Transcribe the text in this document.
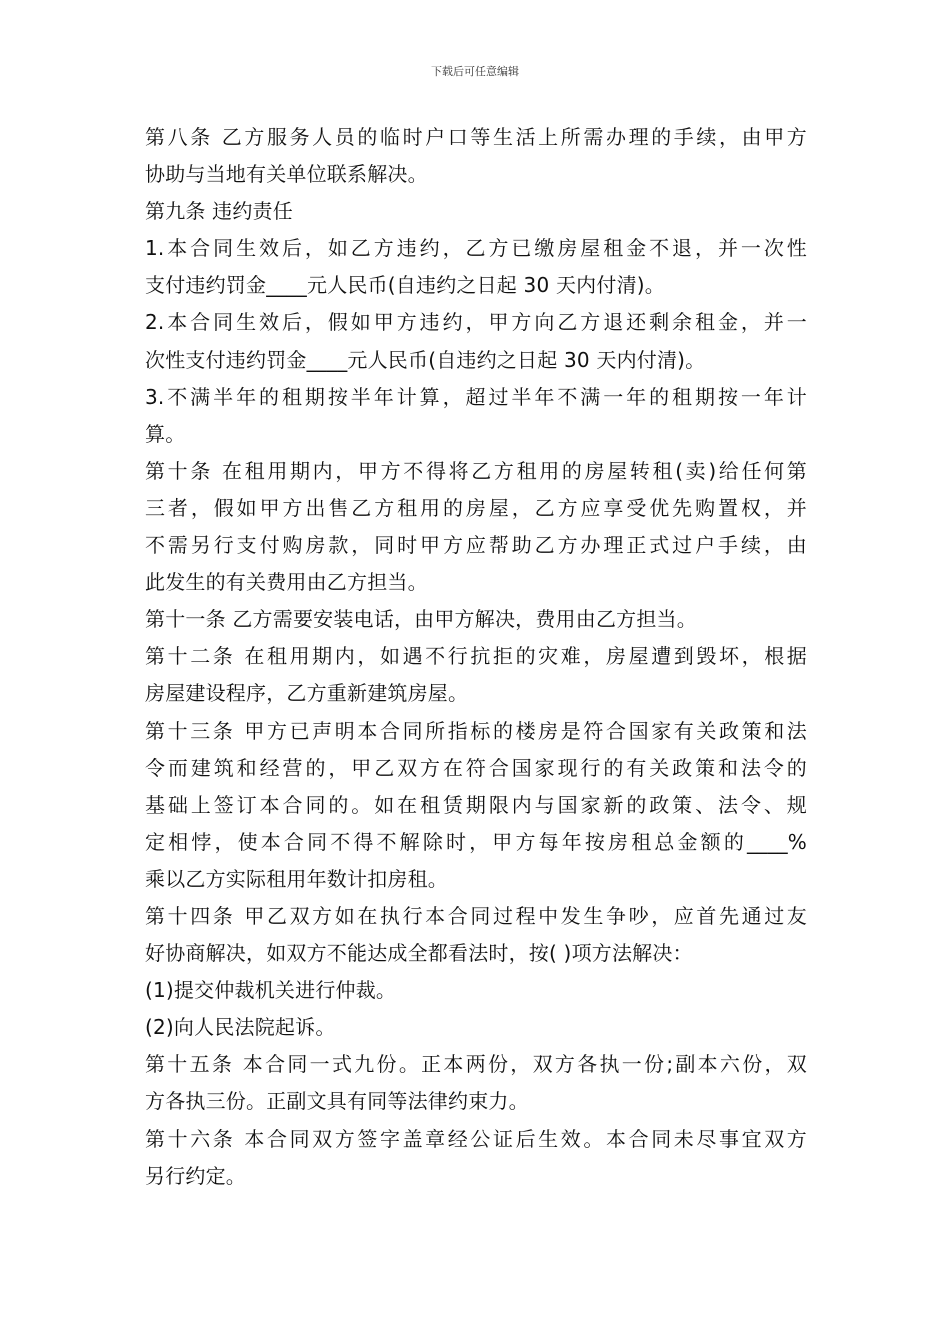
下载后可任意编辑
第八条 乙方服务人员的临时户口等生活上所需办理的手续，由甲方
协助与当地有关单位联系解决。
第九条 违约责任
1.本合同生效后，如乙方违约，乙方已缴房屋租金不退，并一次性
支付违约罚金____元人民币(自违约之日起 30 天内付清)。
2.本合同生效后，假如甲方违约，甲方向乙方退还剩余租金，并一
次性支付违约罚金____元人民币(自违约之日起 30 天内付清)。
3.不满半年的租期按半年计算，超过半年不满一年的租期按一年计
算。
第十条 在租用期内，甲方不得将乙方租用的房屋转租(卖)给任何第
三者，假如甲方出售乙方租用的房屋，乙方应享受优先购置权，并
不需另行支付购房款，同时甲方应帮助乙方办理正式过户手续，由
此发生的有关费用由乙方担当。
第十一条 乙方需要安装电话，由甲方解决，费用由乙方担当。
第十二条 在租用期内，如遇不行抗拒的灾难，房屋遭到毁坏，根据
房屋建设程序，乙方重新建筑房屋。
第十三条 甲方已声明本合同所指标的楼房是符合国家有关政策和法
令而建筑和经营的，甲乙双方在符合国家现行的有关政策和法令的
基础上签订本合同的。如在租赁期限内与国家新的政策、法令、规
定相悖，使本合同不得不解除时，甲方每年按房租总金额的____%
乘以乙方实际租用年数计扣房租。
第十四条 甲乙双方如在执行本合同过程中发生争吵，应首先通过友
好协商解决，如双方不能达成全都看法时，按( )项方法解决：
(1)提交仲裁机关进行仲裁。
(2)向人民法院起诉。
第十五条 本合同一式九份。正本两份，双方各执一份;副本六份，双
方各执三份。正副文具有同等法律约束力。
第十六条 本合同双方签字盖章经公证后生效。本合同未尽事宜双方
另行约定。
